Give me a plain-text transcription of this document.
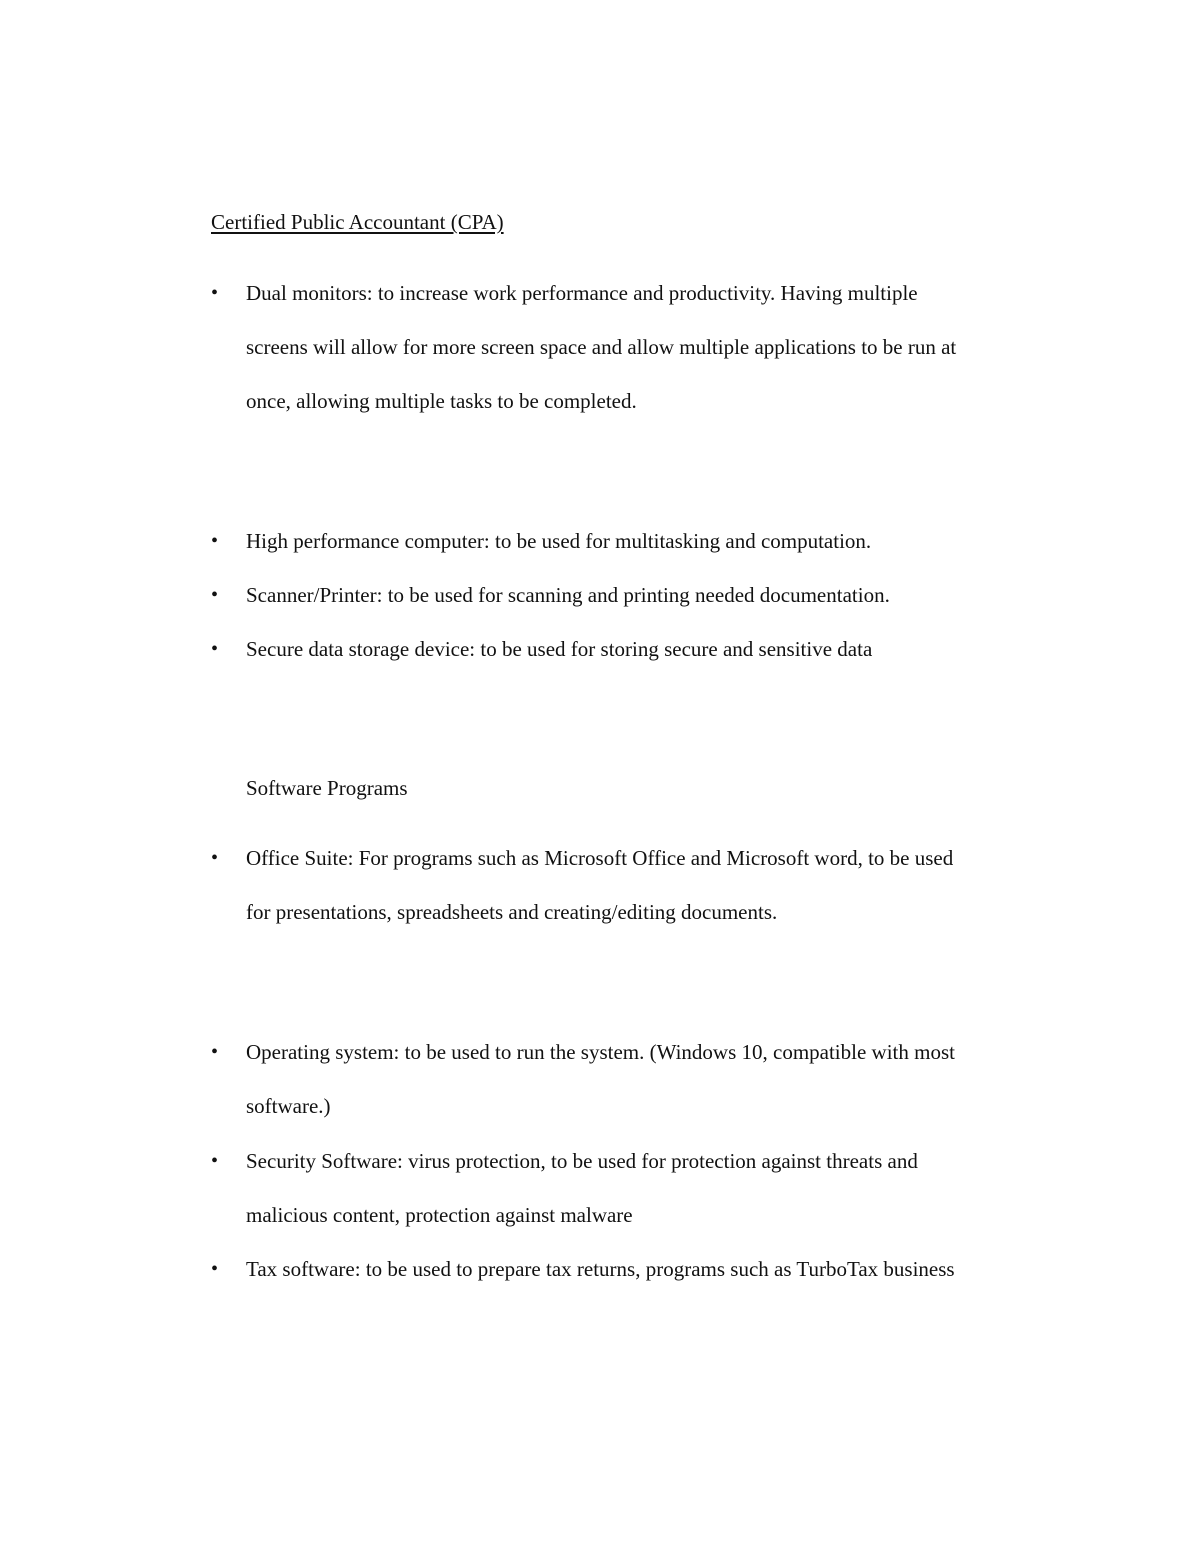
Certified Public Accountant (CPA)
•	Dual monitors: to increase work performance and productivity. Having multiple
screens will allow for more screen space and allow multiple applications to be run at
once, allowing multiple tasks to be completed.
•	High performance computer: to be used for multitasking and computation.
•	Scanner/Printer: to be used for scanning and printing needed documentation.
•	Secure data storage device: to be used for storing secure and sensitive data
Software Programs
•	Office Suite: For programs such as Microsoft Office and Microsoft word, to be used
for presentations, spreadsheets and creating/editing documents.
•	Operating system: to be used to run the system. (Windows 10, compatible with most
software.)
•	Security Software: virus protection, to be used for protection against threats and
malicious content, protection against malware
•	Tax software: to be used to prepare tax returns, programs such as TurboTax business
